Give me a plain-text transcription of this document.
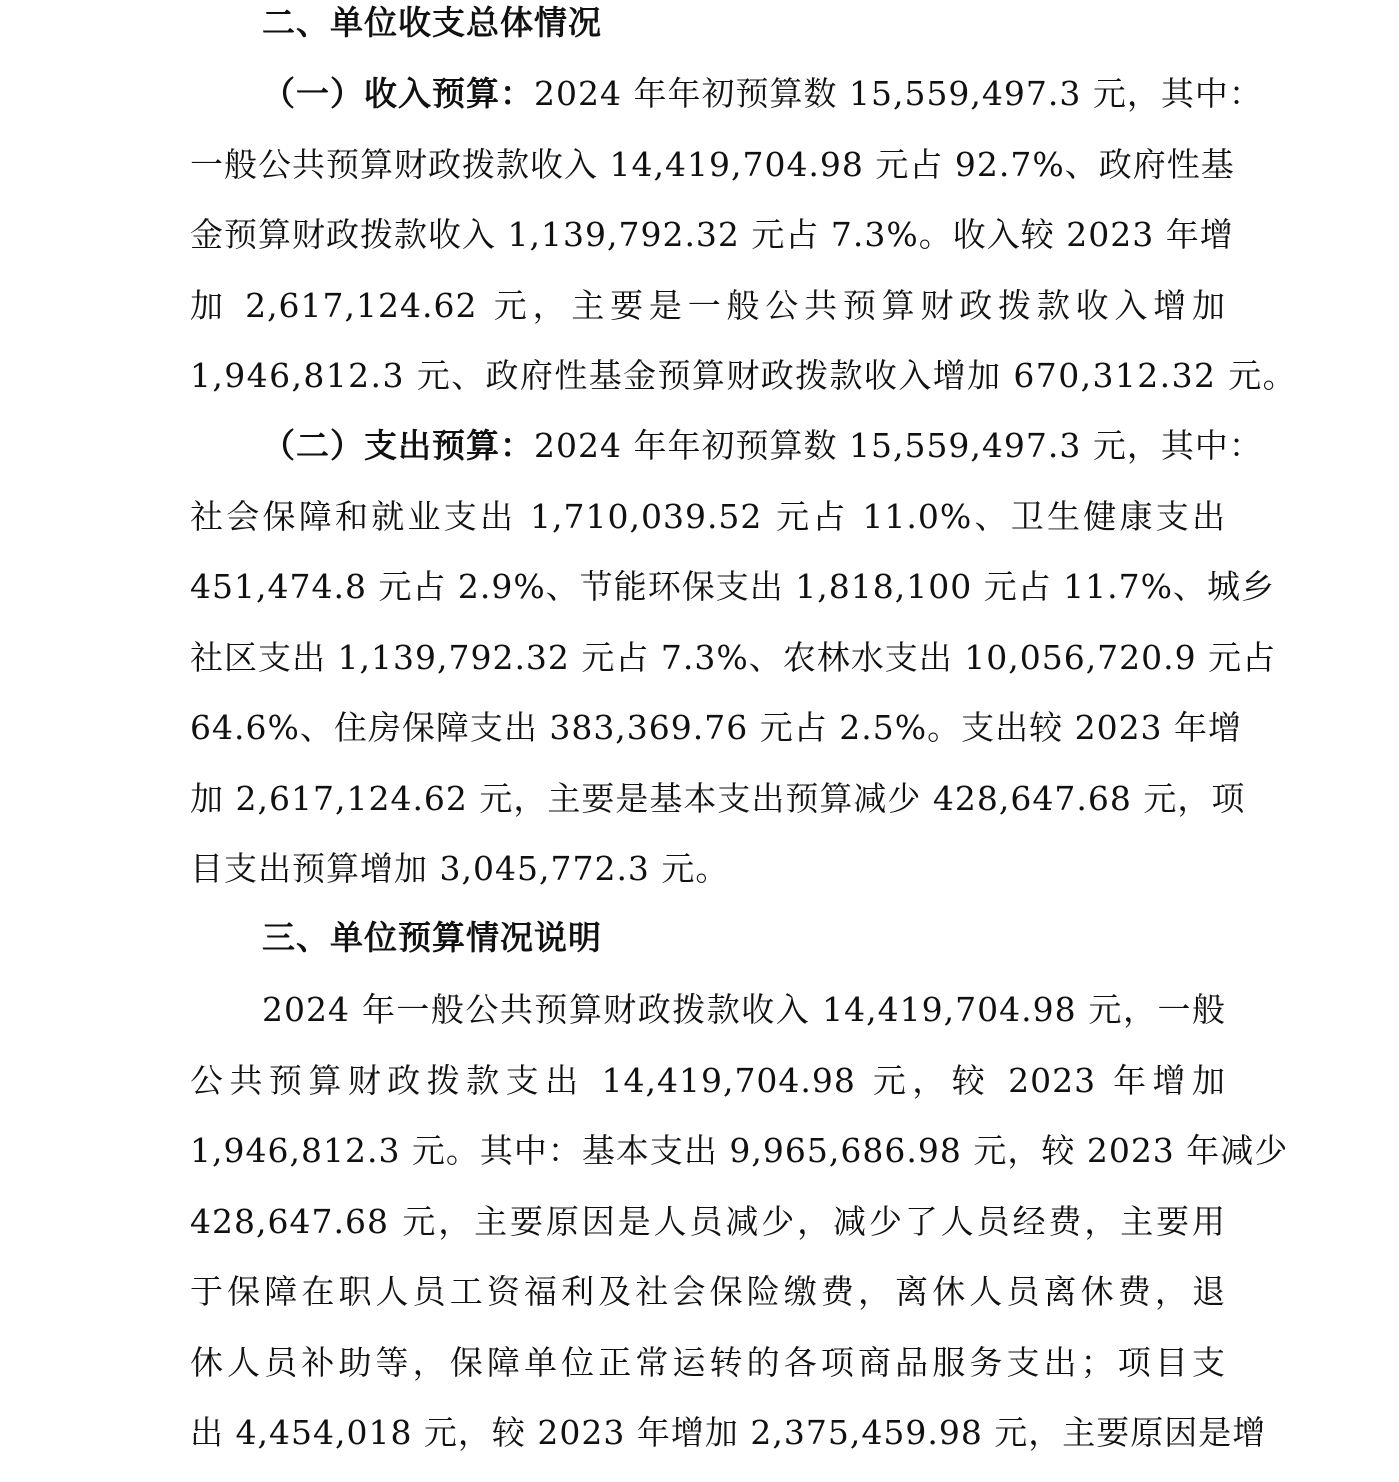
二、单位收支总体情况
（一）收入预算：2024 年年初预算数 15,559,497.3 元，其中：
一般公共预算财政拨款收入 14,419,704.98 元占 92.7%、政府性基
金预算财政拨款收入 1,139,792.32 元占 7.3%。收入较 2023 年增
加 2,617,124.62 元，主要是一般公共预算财政拨款收入增加
1,946,812.3 元、政府性基金预算财政拨款收入增加 670,312.32 元。
（二）支出预算：2024 年年初预算数 15,559,497.3 元，其中：
社会保障和就业支出 1,710,039.52 元占 11.0%、卫生健康支出
451,474.8 元占 2.9%、节能环保支出 1,818,100 元占 11.7%、城乡
社区支出 1,139,792.32 元占 7.3%、农林水支出 10,056,720.9 元占
64.6%、住房保障支出 383,369.76 元占 2.5%。支出较 2023 年增
加 2,617,124.62 元，主要是基本支出预算减少 428,647.68 元，项
目支出预算增加 3,045,772.3 元。
三、单位预算情况说明
2024 年一般公共预算财政拨款收入 14,419,704.98 元，一般
公共预算财政拨款支出 14,419,704.98 元，较 2023 年增加
1,946,812.3 元。其中：基本支出 9,965,686.98 元，较 2023 年减少
428,647.68 元，主要原因是人员减少，减少了人员经费，主要用
于保障在职人员工资福利及社会保险缴费，离休人员离休费，退
休人员补助等，保障单位正常运转的各项商品服务支出；项目支
出 4,454,018 元，较 2023 年增加 2,375,459.98 元，主要原因是增
